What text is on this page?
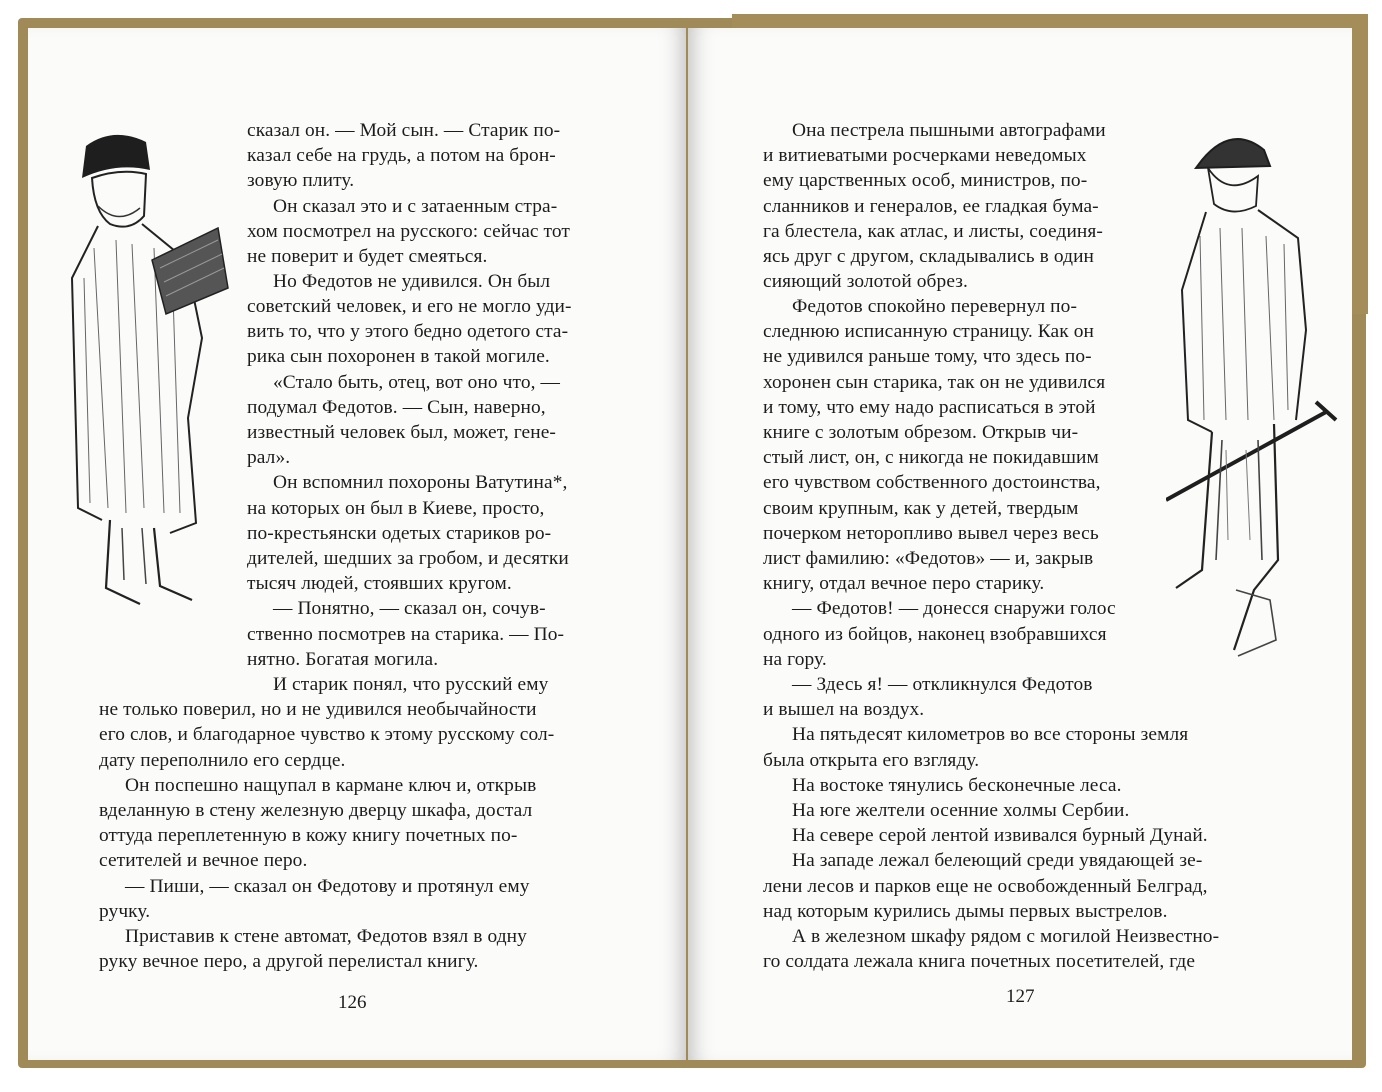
сказал он. — Мой сын. — Старик по-
казал себе на грудь, а потом на брон-
зовую плиту.
Он сказал это и с затаенным стра-
хом посмотрел на русского: сейчас тот
не поверит и будет смеяться.
Но Федотов не удивился. Он был
советский человек, и его не могло уди-
вить то, что у этого бедно одетого ста-
рика сын похоронен в такой могиле.
«Стало быть, отец, вот оно что, —
подумал Федотов. — Сын, наверно,
известный человек был, может, гене-
рал».
Он вспомнил похороны Ватутина*,
на которых он был в Киеве, просто,
по-крестьянски одетых стариков ро-
дителей, шедших за гробом, и десятки
тысяч людей, стоявших кругом.
— Понятно, — сказал он, сочув-
ственно посмотрев на старика. — По-
нятно. Богатая могила.
И старик понял, что русский ему
не только поверил, но и не удивился необычайности
его слов, и благодарное чувство к этому русскому сол-
дату переполнило его сердце.
Он поспешно нащупал в кармане ключ и, открыв
вделанную в стену железную дверцу шкафа, достал
оттуда переплетенную в кожу книгу почетных по-
сетителей и вечное перо.
— Пиши, — сказал он Федотову и протянул ему
ручку.
Приставив к стене автомат, Федотов взял в одну
руку вечное перо, а другой перелистал книгу.
126
Она пестрела пышными автографами
и витиеватыми росчерками неведомых
ему царственных особ, министров, по-
сланников и генералов, ее гладкая бума-
га блестела, как атлас, и листы, соединя-
ясь друг с другом, складывались в один
сияющий золотой обрез.
Федотов спокойно перевернул по-
следнюю исписанную страницу. Как он
не удивился раньше тому, что здесь по-
хоронен сын старика, так он не удивился
и тому, что ему надо расписаться в этой
книге с золотым обрезом. Открыв чи-
стый лист, он, с никогда не покидавшим
его чувством собственного достоинства,
своим крупным, как у детей, твердым
почерком неторопливо вывел через весь
лист фамилию: «Федотов» — и, закрыв
книгу, отдал вечное перо старику.
— Федотов! — донесся снаружи голос
одного из бойцов, наконец взобравшихся
на гору.
— Здесь я! — откликнулся Федотов
и вышел на воздух.
На пятьдесят километров во все стороны земля
была открыта его взгляду.
На востоке тянулись бесконечные леса.
На юге желтели осенние холмы Сербии.
На севере серой лентой извивался бурный Дунай.
На западе лежал белеющий среди увядающей зе-
лени лесов и парков еще не освобожденный Белград,
над которым курились дымы первых выстрелов.
А в железном шкафу рядом с могилой Неизвестно-
го солдата лежала книга почетных посетителей, где
127
